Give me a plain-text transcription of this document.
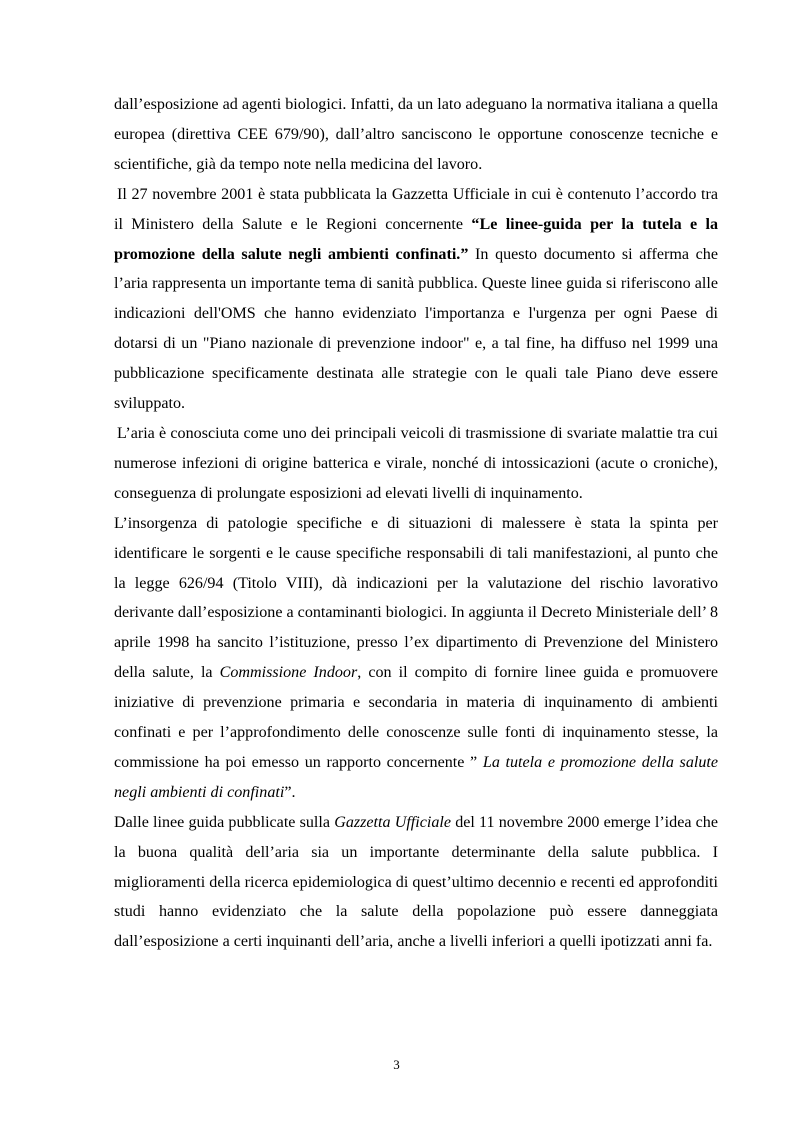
dall’esposizione ad agenti biologici. Infatti, da un lato adeguano la normativa italiana a quella europea (direttiva CEE 679/90), dall’altro sanciscono le opportune conoscenze tecniche e scientifiche, già da tempo note nella medicina del lavoro.

Il 27 novembre 2001 è stata pubblicata la Gazzetta Ufficiale in cui è contenuto l’accordo tra il Ministero della Salute e le Regioni concernente “Le linee-guida per la tutela e la promozione della salute negli ambienti confinati.” In questo documento si afferma che l’aria rappresenta un importante tema di sanità pubblica. Queste linee guida si riferiscono alle indicazioni dell'OMS che hanno evidenziato l'importanza e l'urgenza per ogni Paese di dotarsi di un "Piano nazionale di prevenzione indoor" e, a tal fine, ha diffuso nel 1999 una pubblicazione specificamente destinata alle strategie con le quali tale Piano deve essere sviluppato.

L’aria è conosciuta come uno dei principali veicoli di trasmissione di svariate malattie tra cui numerose infezioni di origine batterica e virale, nonché di intossicazioni (acute o croniche), conseguenza di prolungate esposizioni ad elevati livelli di inquinamento.

L’insorgenza di patologie specifiche e di situazioni di malessere è stata la spinta per identificare le sorgenti e le cause specifiche responsabili di tali manifestazioni, al punto che la legge 626/94 (Titolo VIII), dà indicazioni per la valutazione del rischio lavorativo derivante dall’esposizione a contaminanti biologici. In aggiunta il Decreto Ministeriale dell’ 8 aprile 1998 ha sancito l’istituzione, presso l’ex dipartimento di Prevenzione del Ministero della salute, la Commissione Indoor, con il compito di fornire linee guida e promuovere iniziative di prevenzione primaria e secondaria in materia di inquinamento di ambienti confinati e per l’approfondimento delle conoscenze sulle fonti di inquinamento stesse, la commissione ha poi emesso un rapporto concernente ” La tutela e promozione della salute negli ambienti di confinati”.

Dalle linee guida pubblicate sulla Gazzetta Ufficiale del 11 novembre 2000 emerge l’idea che la buona qualità dell’aria sia un importante determinante della salute pubblica. I miglioramenti della ricerca epidemiologica di quest’ultimo decennio e recenti ed approfonditi studi hanno evidenziato che la salute della popolazione può essere danneggiata dall’esposizione a certi inquinanti dell’aria, anche a livelli inferiori a quelli ipotizzati anni fa.

3
